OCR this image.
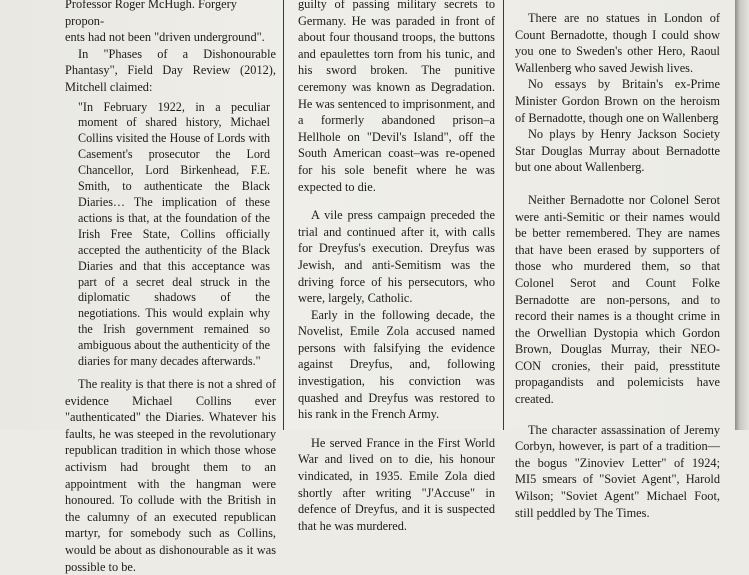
Professor Roger McHugh. Forgery propon-
ents had not been "driven underground".

In "Phases of a Dishonourable Phantasy", Field Day Review (2012), Mitchell claimed:

"In February 1922, in a peculiar moment of shared history, Michael Collins visited the House of Lords with Casement's prosecutor the Lord Chancellor, Lord Birkenhead, F.E. Smith, to authenticate the Black Diaries… The implication of these actions is that, at the foundation of the Irish Free State, Collins officially accepted the authenticity of the Black Diaries and that this acceptance was part of a secret deal struck in the diplomatic shadows of the negotiations. This would explain why the Irish government remained so ambiguous about the authenticity of the diaries for many decades afterwards."

The reality is that there is not a shred of evidence Michael Collins ever "authenticated" the Diaries. Whatever his faults, he was steeped in the revolutionary republican tradition in which those whose activism had brought them to an appointment with the hangman were honoured. To collude with the British in the calumny of an executed republican martyr, for somebody such as Collins, would be about as dishonourable as it was possible to be.

guilty of passing military secrets to Germany. He was paraded in front of about four thousand troops, the buttons and epaulettes torn from his tunic, and his sword broken. The punitive ceremony was known as Degradation. He was sentenced to imprisonment, and a formerly abandoned prison–a Hellhole on "Devil's Island", off the South American coast–was re-opened for his sole benefit where he was expected to die.

A vile press campaign preceded the trial and continued after it, with calls for Dreyfus's execution. Dreyfus was Jewish, and anti-Semitism was the driving force of his persecutors, who were, largely, Catholic.

Early in the following decade, the Novelist, Emile Zola accused named persons with falsifying the evidence against Dreyfus, and, following investigation, his conviction was quashed and Dreyfus was restored to his rank in the French Army.

He served France in the First World War and lived on to die, his honour vindicated, in 1935. Emile Zola died shortly after writing "J'Accuse" in defence of Dreyfus, and it is suspected that he was murdered.

There are no statues in London of Count Bernadotte, though I could show you one to Sweden's other Hero, Raoul Wallenberg who saved Jewish lives.

No essays by Britain's ex-Prime Minister Gordon Brown on the heroism of Bernadotte, though one on Wallenberg

No plays by Henry Jackson Society Star Douglas Murray about Bernadotte but one about Wallenberg.

Neither Bernadotte nor Colonel Serot were anti-Semitic or their names would be better remembered. They are names that have been erased by supporters of those who murdered them, so that Colonel Serot and Count Folke Bernadotte are non-persons, and to record their names is a thought crime in the Orwellian Dystopia which Gordon Brown, Douglas Murray, their NEO-CON cronies, their paid, presstitute propagandists and polemicists have created.

The character assassination of Jeremy Corbyn, however, is part of a tradition—the bogus "Zinoviev Letter" of 1924; MI5 smears of "Soviet Agent", Harold Wilson; "Soviet Agent" Michael Foot, still peddled by The Times.
